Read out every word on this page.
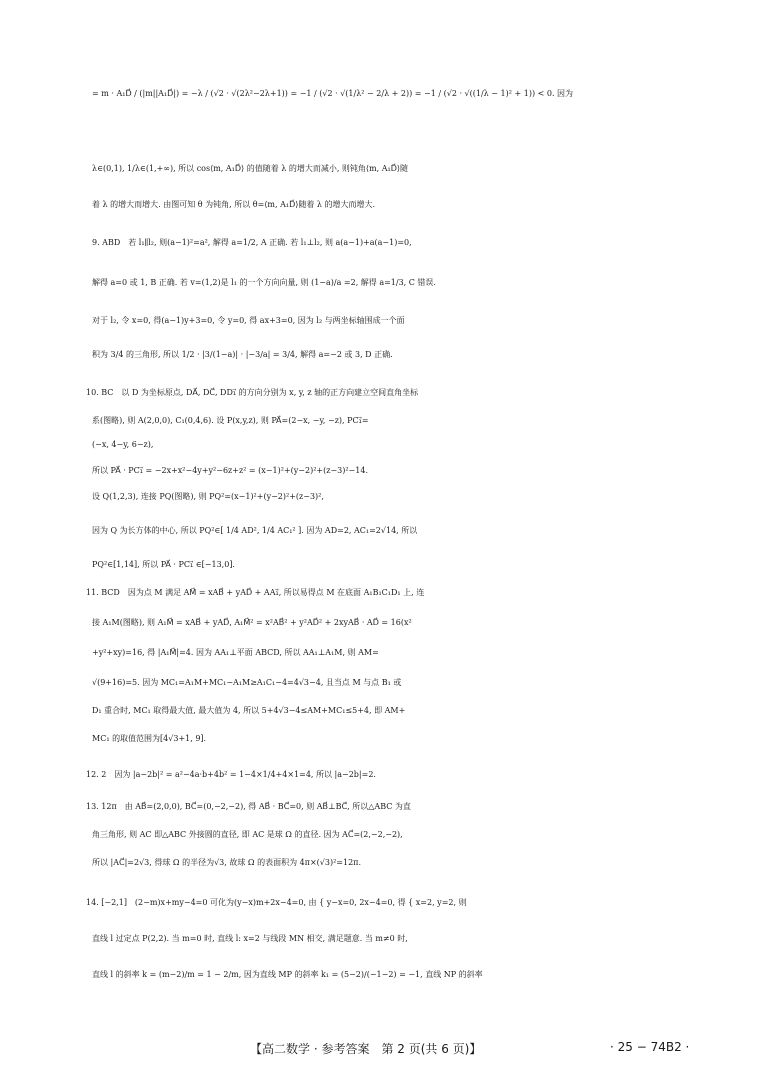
= m · A₁D⃗ / (|m||A₁D⃗|) = −λ / (√2 · √(2λ²−2λ+1)) = −1 / (√2 · √(1/λ² − 2/λ + 2)) = −1 / (√2 · √((1/λ − 1)² + 1)) < 0. 因为
λ∈(0,1), 1/λ∈(1,+∞), 所以 cos⟨m, A₁D⃗⟩ 的值随着 λ 的增大而减小, 则钝角⟨m, A₁D⃗⟩随
着 λ 的增大而增大. 由图可知 θ 为钝角, 所以 θ=⟨m, A₁D⃗⟩随着 λ 的增大而增大.
9. ABD　若 l₁∥l₂, 则(a−1)²=a², 解得 a=1/2, A 正确. 若 l₁⊥l₂, 则 a(a−1)+a(a−1)=0,
解得 a=0 或 1, B 正确. 若 v=(1,2)是 l₁ 的一个方向向量, 则 (1−a)/a =2, 解得 a=1/3, C 错误.
对于 l₂, 令 x=0, 得(a−1)y+3=0, 令 y=0, 得 ax+3=0, 因为 l₂ 与两坐标轴围成一个面
积为 3/4 的三角形, 所以 1/2 · |3/(1−a)| · |−3/a| = 3/4, 解得 a=−2 或 3, D 正确.
10. BC　以 D 为坐标原点, DA⃗, DC⃗, DD₁⃗ 的方向分别为 x, y, z 轴的正方向建立空间直角坐标
系(图略), 则 A(2,0,0), C₁(0,4,6). 设 P(x,y,z), 则 PA⃗=(2−x, −y, −z), PC₁⃗=
(−x, 4−y, 6−z),
所以 PA⃗ · PC₁⃗ = −2x+x²−4y+y²−6z+z² = (x−1)²+(y−2)²+(z−3)²−14.
设 Q(1,2,3), 连接 PQ(图略), 则 PQ²=(x−1)²+(y−2)²+(z−3)²,
因为 Q 为长方体的中心, 所以 PQ²∈[ 1/4 AD², 1/4 AC₁² ]. 因为 AD=2, AC₁=2√14, 所以
PQ²∈[1,14], 所以 PA⃗ · PC₁⃗ ∈[−13,0].
11. BCD　因为点 M 满足 AM⃗ = xAB⃗ + yAD⃗ + AA₁⃗, 所以易得点 M 在底面 A₁B₁C₁D₁ 上, 连
接 A₁M(图略), 则 A₁M⃗ = xAB⃗ + yAD⃗, A₁M⃗² = x²AB⃗² + y²AD⃗² + 2xyAB⃗ · AD⃗ = 16(x²
+y²+xy)=16, 得 |A₁M⃗|=4. 因为 AA₁⊥平面 ABCD, 所以 AA₁⊥A₁M, 则 AM=
√(9+16)=5. 因为 MC₁=A₁M+MC₁−A₁M≥A₁C₁−4=4√3−4, 且当点 M 与点 B₁ 或
D₁ 重合时, MC₁ 取得最大值, 最大值为 4, 所以 5+4√3−4≤AM+MC₁≤5+4, 即 AM+
MC₁ 的取值范围为[4√3+1, 9].
12. 2　因为 |a−2b|² = a²−4a·b+4b² = 1−4×1/4+4×1=4, 所以 |a−2b|=2.
13. 12π　由 AB⃗=(2,0,0), BC⃗=(0,−2,−2), 得 AB⃗ · BC⃗=0, 则 AB⃗⊥BC⃗, 所以△ABC 为直
角三角形, 则 AC 即△ABC 外接圆的直径, 即 AC 是球 Ω 的直径. 因为 AC⃗=(2,−2,−2),
所以 |AC⃗|=2√3, 得球 Ω 的半径为√3, 故球 Ω 的表面积为 4π×(√3)²=12π.
14. [−2,1]　(2−m)x+my−4=0 可化为(y−x)m+2x−4=0, 由 { y−x=0, 2x−4=0, 得 { x=2, y=2, 则
直线 l 过定点 P(2,2). 当 m=0 时, 直线 l: x=2 与线段 MN 相交, 满足题意. 当 m≠0 时,
直线 l 的斜率 k = (m−2)/m = 1 − 2/m, 因为直线 MP 的斜率 k₁ = (5−2)/(−1−2) = −1, 直线 NP 的斜率
【高二数学 · 参考答案　第 2 页(共 6 页)】	· 25 − 74B2 ·
